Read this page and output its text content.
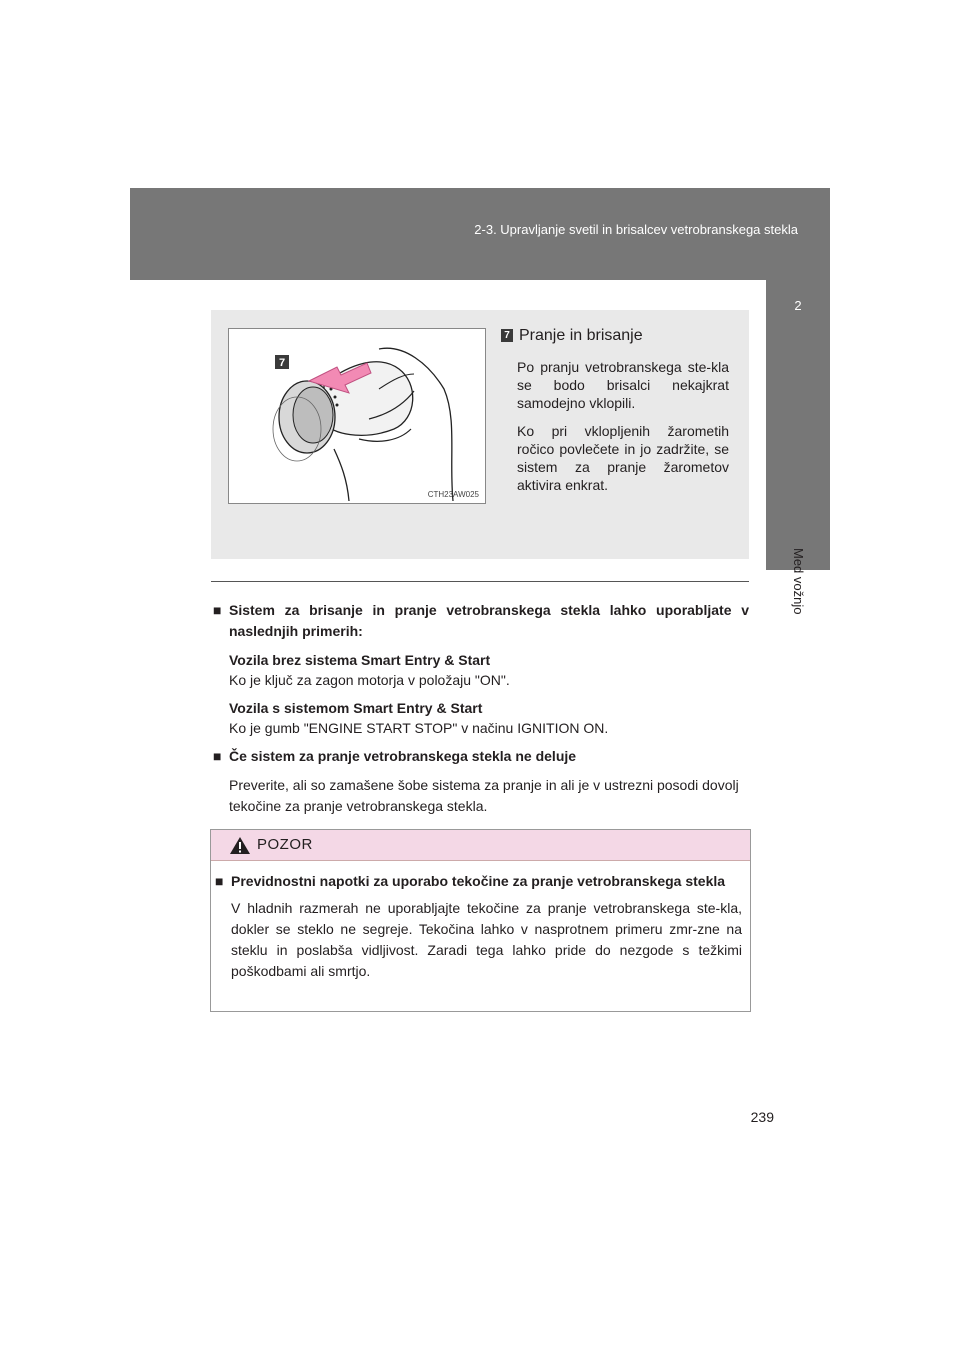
2-3. Upravljanje svetil in brisalcev vetrobranskega stekla
2
Med vožnjo
7
CTH23AW025
7 Pranje in brisanje

Po pranju vetrobranskega ste-kla se bodo brisalci nekajkrat samodejno vklopili.

Ko pri vklopljenih žarometih ročico povlečete in jo zadržite, se sistem za pranje žarometov aktivira enkrat.

■ Sistem za brisanje in pranje vetrobranskega stekla lahko uporabljate v naslednjih primerih:
Vozila brez sistema Smart Entry & Start
Ko je ključ za zagon motorja v položaju "ON".
Vozila s sistemom Smart Entry & Start
Ko je gumb "ENGINE START STOP" v načinu IGNITION ON.
■ Če sistem za pranje vetrobranskega stekla ne deluje

Preverite, ali so zamašene šobe sistema za pranje in ali je v ustrezni posodi dovolj tekočine za pranje vetrobranskega stekla.

POZOR
■ Previdnostni napotki za uporabo tekočine za pranje vetrobranskega stekla

V hladnih razmerah ne uporabljajte tekočine za pranje vetrobranskega ste-kla, dokler se steklo ne segreje. Tekočina lahko v nasprotnem primeru zmr-zne na steklu in poslabša vidljivost. Zaradi tega lahko pride do nezgode s težkimi poškodbami ali smrtjo.

239
